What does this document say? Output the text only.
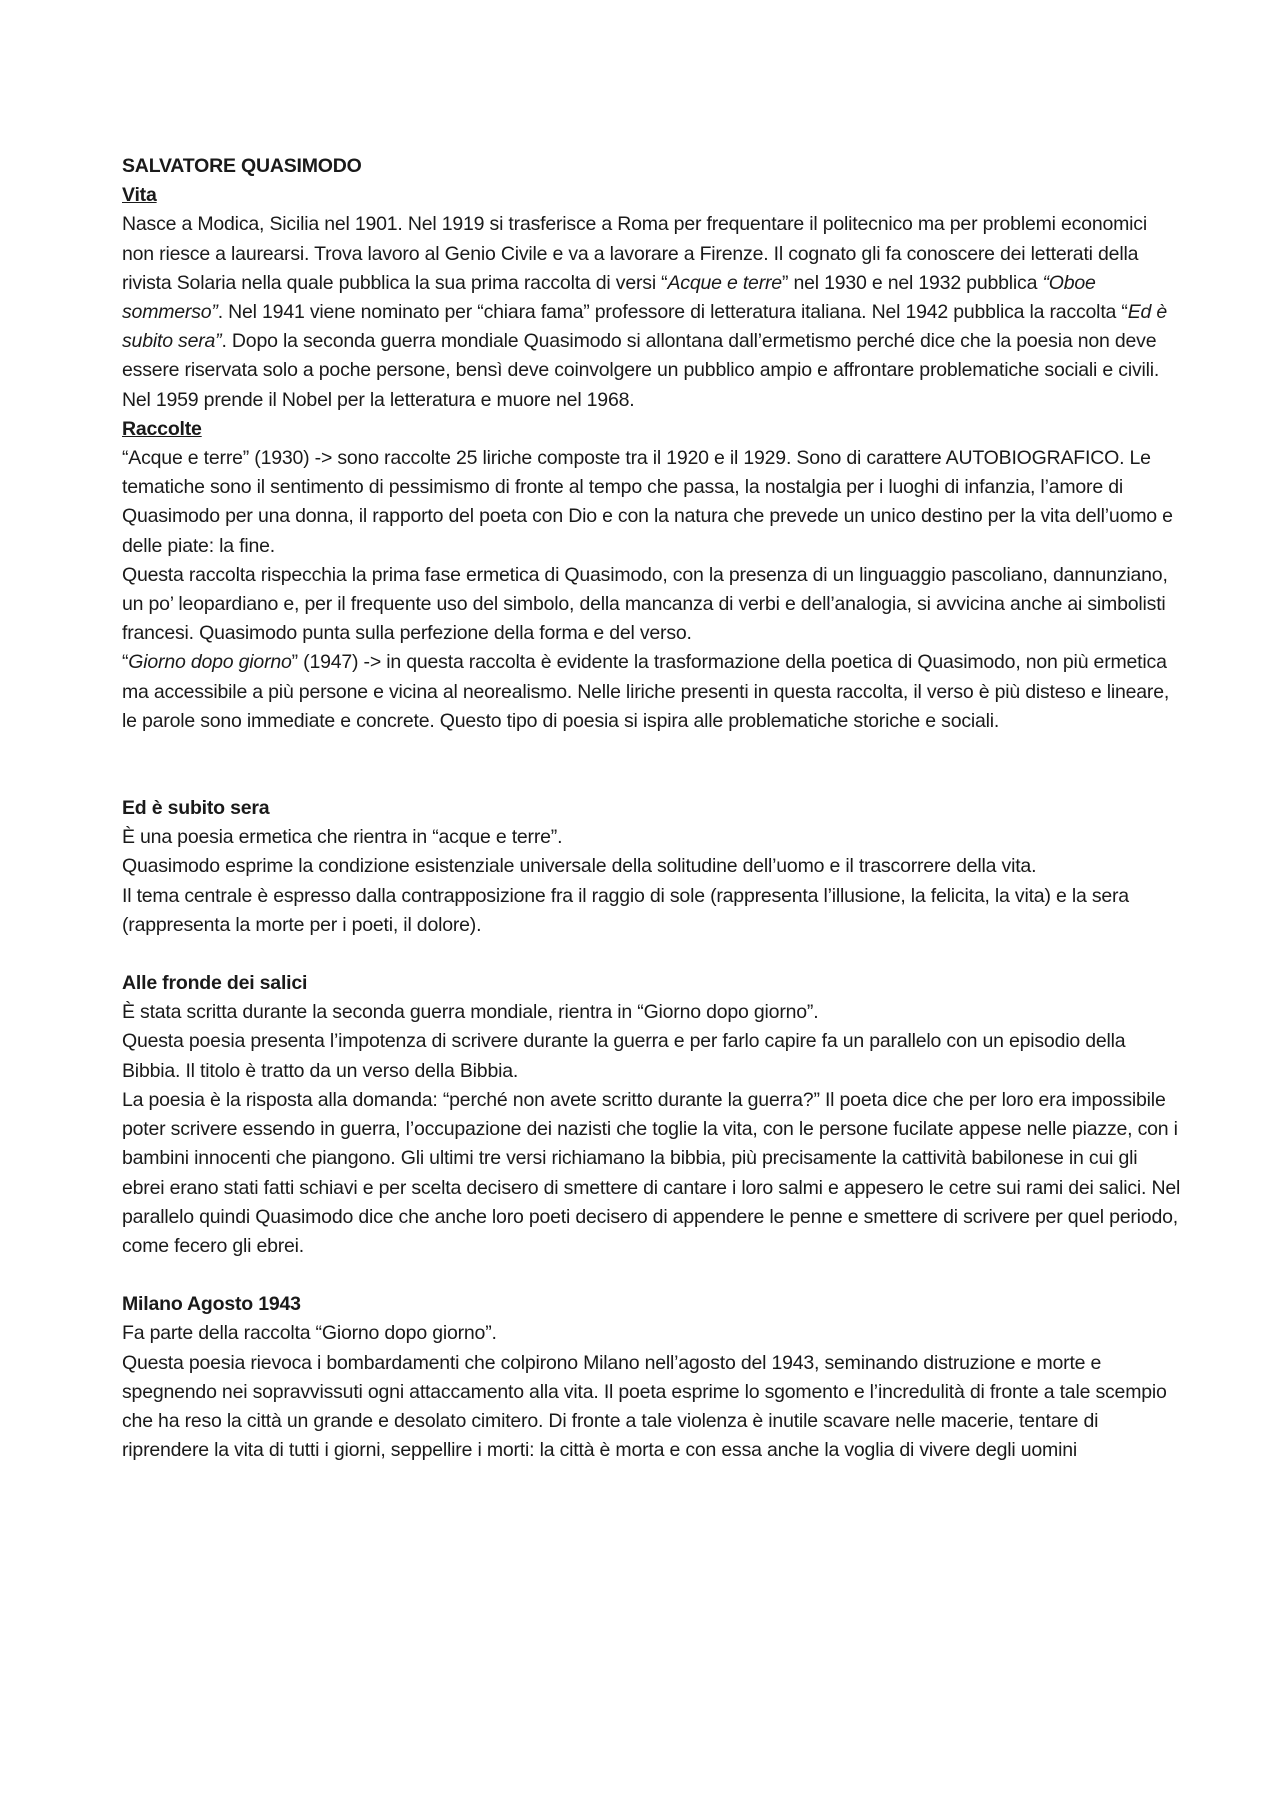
SALVATORE QUASIMODO
Vita

Nasce a Modica, Sicilia nel 1901. Nel 1919 si trasferisce a Roma per frequentare il politecnico ma per problemi economici non riesce a laurearsi. Trova lavoro al Genio Civile e va a lavorare a Firenze. Il cognato gli fa conoscere dei letterati della rivista Solaria nella quale pubblica la sua prima raccolta di versi “Acque e terre” nel 1930 e nel 1932 pubblica “Oboe sommerso”. Nel 1941 viene nominato per “chiara fama” professore di letteratura italiana. Nel 1942 pubblica la raccolta “Ed è subito sera”. Dopo la seconda guerra mondiale Quasimodo si allontana dall’ermetismo perché dice che la poesia non deve essere riservata solo a poche persone, bensì deve coinvolgere un pubblico ampio e affrontare problematiche sociali e civili.

Nel 1959 prende il Nobel per la letteratura e muore nel 1968.

Raccolte

“Acque e terre” (1930) -> sono raccolte 25 liriche composte tra il 1920 e il 1929. Sono di carattere AUTOBIOGRAFICO. Le tematiche sono il sentimento di pessimismo di fronte al tempo che passa, la nostalgia per i luoghi di infanzia, l’amore di Quasimodo per una donna, il rapporto del poeta con Dio e con la natura che prevede un unico destino per la vita dell’uomo e delle piate: la fine.

Questa raccolta rispecchia la prima fase ermetica di Quasimodo, con la presenza di un linguaggio pascoliano, dannunziano, un po’ leopardiano e, per il frequente uso del simbolo, della mancanza di verbi e dell’analogia, si avvicina anche ai simbolisti francesi. Quasimodo punta sulla perfezione della forma e del verso.

“Giorno dopo giorno” (1947) -> in questa raccolta è evidente la trasformazione della poetica di Quasimodo, non più ermetica ma accessibile a più persone e vicina al neorealismo. Nelle liriche presenti in questa raccolta, il verso è più disteso e lineare, le parole sono immediate e concrete. Questo tipo di poesia si ispira alle problematiche storiche e sociali.

Ed è subito sera

È una poesia ermetica che rientra in “acque e terre”.

Quasimodo esprime la condizione esistenziale universale della solitudine dell’uomo e il trascorrere della vita.

Il tema centrale è espresso dalla contrapposizione fra il raggio di sole (rappresenta l’illusione, la felicita, la vita) e la sera (rappresenta la morte per i poeti, il dolore).

Alle fronde dei salici

È stata scritta durante la seconda guerra mondiale, rientra in “Giorno dopo giorno”.

Questa poesia presenta l’impotenza di scrivere durante la guerra e per farlo capire fa un parallelo con un episodio della Bibbia. Il titolo è tratto da un verso della Bibbia.

La poesia è la risposta alla domanda: “perché non avete scritto durante la guerra?” Il poeta dice che per loro era impossibile poter scrivere essendo in guerra, l’occupazione dei nazisti che toglie la vita, con le persone fucilate appese nelle piazze, con i bambini innocenti che piangono. Gli ultimi tre versi richiamano la bibbia, più precisamente la cattività babilonese in cui gli ebrei erano stati fatti schiavi e per scelta decisero di smettere di cantare i loro salmi e appesero le cetre sui rami dei salici. Nel parallelo quindi Quasimodo dice che anche loro poeti decisero di appendere le penne e smettere di scrivere per quel periodo, come fecero gli ebrei.

Milano Agosto 1943

Fa parte della raccolta “Giorno dopo giorno”.

Questa poesia rievoca i bombardamenti che colpirono Milano nell’agosto del 1943, seminando distruzione e morte e spegnendo nei sopravvissuti ogni attaccamento alla vita. Il poeta esprime lo sgomento e l’incredulità di fronte a tale scempio che ha reso la città un grande e desolato cimitero. Di fronte a tale violenza è inutile scavare nelle macerie, tentare di riprendere la vita di tutti i giorni, seppellire i morti: la città è morta e con essa anche la voglia di vivere degli uomini
